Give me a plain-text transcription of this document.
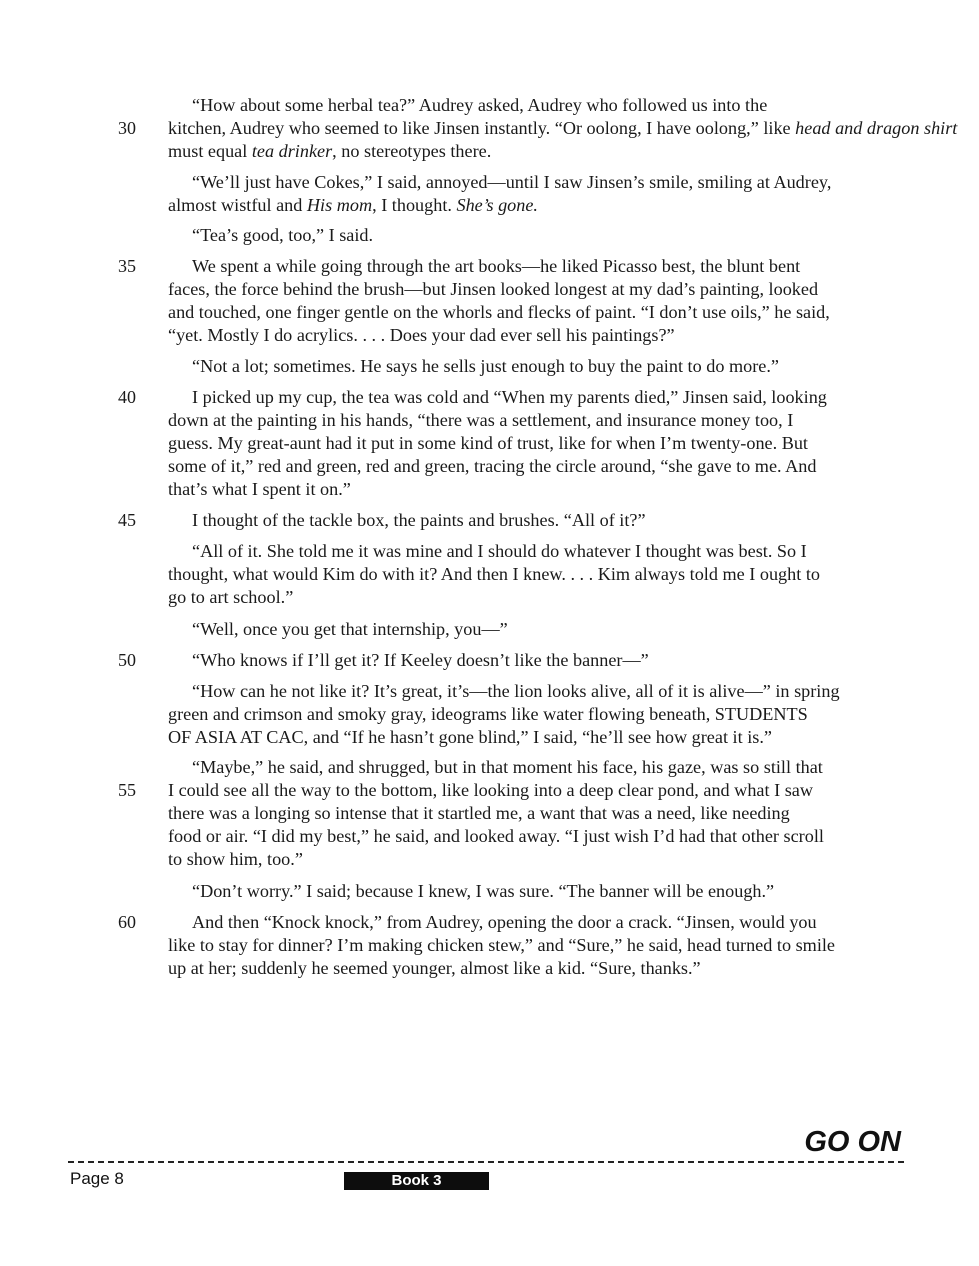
30
35
40
45
50
55
60
“How about some herbal tea?” Audrey asked, Audrey who followed us into the
kitchen, Audrey who seemed to like Jinsen instantly. “Or oolong, I have oolong,” like head and dragon shirt
must equal tea drinker, no stereotypes there.
“We’ll just have Cokes,” I said, annoyed—until I saw Jinsen’s smile, smiling at Audrey,
almost wistful and His mom, I thought. She’s gone.
“Tea’s good, too,” I said.
We spent a while going through the art books—he liked Picasso best, the blunt bent
faces, the force behind the brush—but Jinsen looked longest at my dad’s painting, looked
and touched, one finger gentle on the whorls and flecks of paint. “I don’t use oils,” he said,
“yet. Mostly I do acrylics. . . . Does your dad ever sell his paintings?”
“Not a lot; sometimes. He says he sells just enough to buy the paint to do more.”
I picked up my cup, the tea was cold and “When my parents died,” Jinsen said, looking
down at the painting in his hands, “there was a settlement, and insurance money too, I
guess. My great-aunt had it put in some kind of trust, like for when I’m twenty-one. But
some of it,” red and green, red and green, tracing the circle around, “she gave to me. And
that’s what I spent it on.”
I thought of the tackle box, the paints and brushes. “All of it?”
“All of it. She told me it was mine and I should do whatever I thought was best. So I
thought, what would Kim do with it? And then I knew. . . . Kim always told me I ought to
go to art school.”
“Well, once you get that internship, you—”
“Who knows if I’ll get it? If Keeley doesn’t like the banner—”
“How can he not like it? It’s great, it’s—the lion looks alive, all of it is alive—” in spring
green and crimson and smoky gray, ideograms like water flowing beneath, STUDENTS
OF ASIA AT CAC, and “If he hasn’t gone blind,” I said, “he’ll see how great it is.”
“Maybe,” he said, and shrugged, but in that moment his face, his gaze, was so still that
I could see all the way to the bottom, like looking into a deep clear pond, and what I saw
there was a longing so intense that it startled me, a want that was a need, like needing
food or air. “I did my best,” he said, and looked away. “I just wish I’d had that other scroll
to show him, too.”
“Don’t worry.” I said; because I knew, I was sure. “The banner will be enough.”
And then “Knock knock,” from Audrey, opening the door a crack. “Jinsen, would you
like to stay for dinner? I’m making chicken stew,” and “Sure,” he said, head turned to smile
up at her; suddenly he seemed younger, almost like a kid. “Sure, thanks.”
GO ON
Page 8	Book 3
